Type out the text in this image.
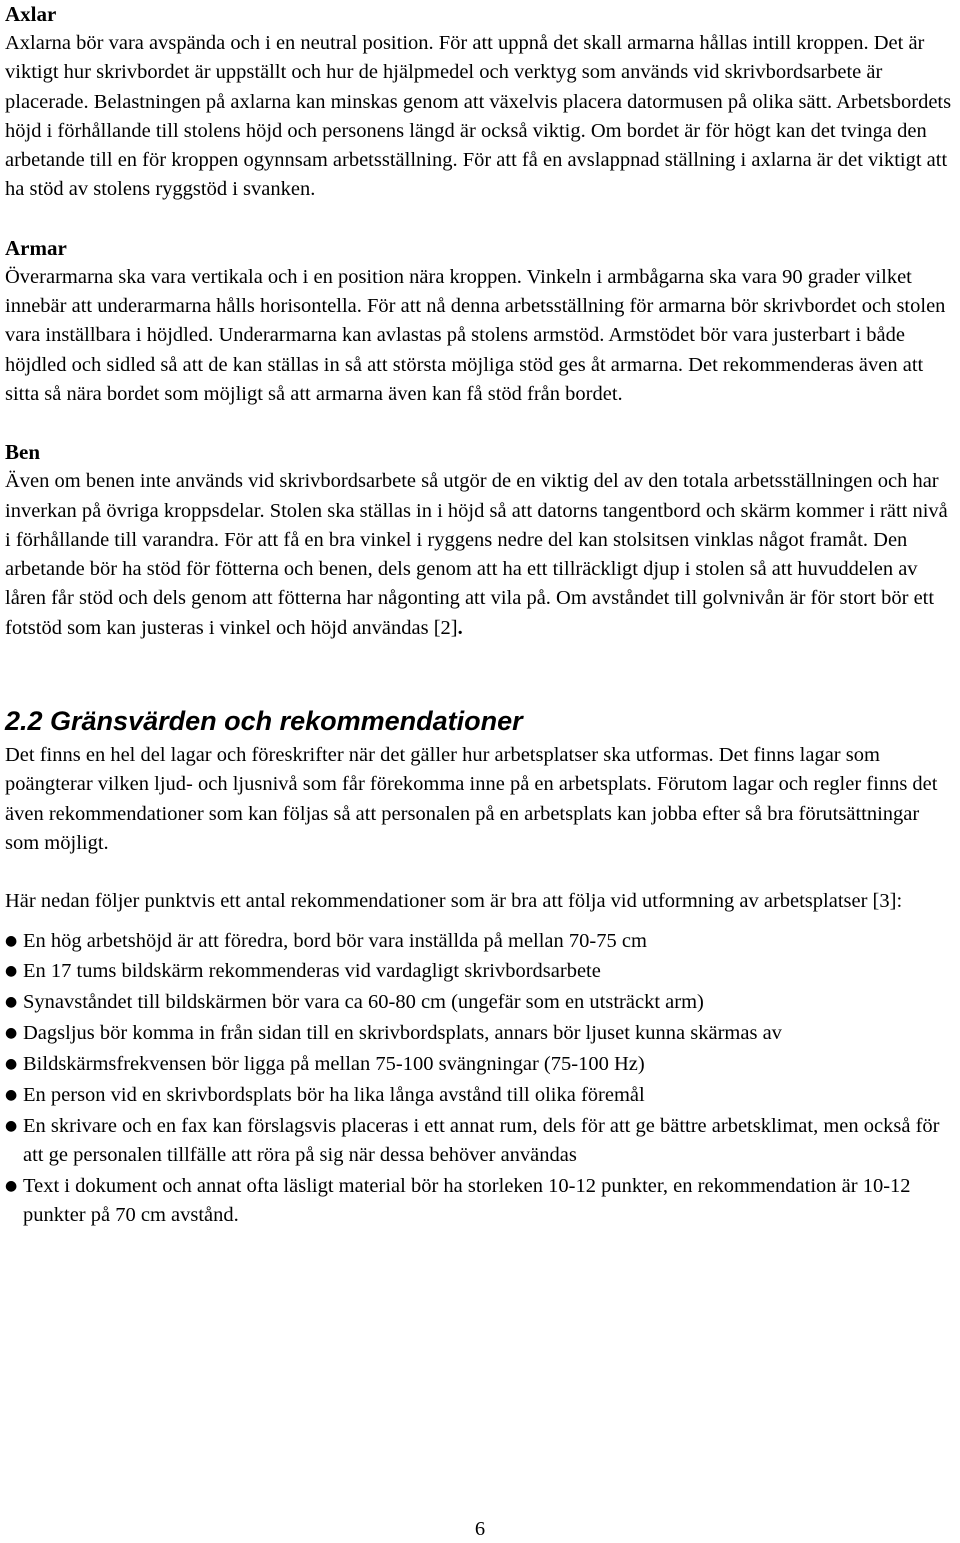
Axlar

Axlarna bör vara avspända och i en neutral position. För att uppnå det skall armarna hållas intill kroppen. Det är viktigt hur skrivbordet är uppställt och hur de hjälpmedel och verktyg som används vid skrivbordsarbete är placerade. Belastningen på axlarna kan minskas genom att växelvis placera datormusen på olika sätt. Arbetsbordets höjd i förhållande till stolens höjd och personens längd är också viktig. Om bordet är för högt kan det tvinga den arbetande till en för kroppen ogynnsam arbetsställning. För att få en avslappnad ställning i axlarna är det viktigt att ha stöd av stolens ryggstöd i svanken.

Armar

Överarmarna ska vara vertikala och i en position nära kroppen. Vinkeln i armbågarna ska vara 90 grader vilket innebär att underarmarna hålls horisontella. För att nå denna arbetsställning för armarna bör skrivbordet och stolen vara inställbara i höjdled. Underarmarna kan avlastas på stolens armstöd. Armstödet bör vara justerbart i både höjdled och sidled så att de kan ställas in så att största möjliga stöd ges åt armarna. Det rekommenderas även att sitta så nära bordet som möjligt så att armarna även kan få stöd från bordet.

Ben

Även om benen inte används vid skrivbordsarbete så utgör de en viktig del av den totala arbetsställningen och har inverkan på övriga kroppsdelar. Stolen ska ställas in i höjd så att datorns tangentbord och skärm kommer i rätt nivå i förhållande till varandra. För att få en bra vinkel i ryggens nedre del kan stolsitsen vinklas något framåt. Den arbetande bör ha stöd för fötterna och benen, dels genom att ha ett tillräckligt djup i stolen så att huvuddelen av låren får stöd och dels genom att fötterna har någonting att vila på. Om avståndet till golvnivån är för stort bör ett fotstöd som kan justeras i vinkel och höjd användas [2].

2.2 Gränsvärden och rekommendationer

Det finns en hel del lagar och föreskrifter när det gäller hur arbetsplatser ska utformas. Det finns lagar som poängterar vilken ljud- och ljusnivå som får förekomma inne på en arbetsplats. Förutom lagar och regler finns det även rekommendationer som kan följas så att personalen på en arbetsplats kan jobba efter så bra förutsättningar som möjligt.

Här nedan följer punktvis ett antal rekommendationer som är bra att följa vid utformning av arbetsplatser [3]:

● En hög arbetshöjd är att föredra, bord bör vara inställda på mellan 70-75 cm
● En 17 tums bildskärm rekommenderas vid vardagligt skrivbordsarbete
● Synavståndet till bildskärmen bör vara ca 60-80 cm (ungefär som en utsträckt arm)
● Dagsljus bör komma in från sidan till en skrivbordsplats, annars bör ljuset kunna skärmas av
● Bildskärmsfrekvensen bör ligga på mellan 75-100 svängningar (75-100 Hz)
● En person vid en skrivbordsplats bör ha lika långa avstånd till olika föremål
● En skrivare och en fax kan förslagsvis placeras i ett annat rum, dels för att ge bättre arbetsklimat, men också för att ge personalen tillfälle att röra på sig när dessa behöver användas
● Text i dokument och annat ofta läsligt material bör ha storleken 10-12 punkter, en rekommendation är 10-12 punkter på 70 cm avstånd.
6
